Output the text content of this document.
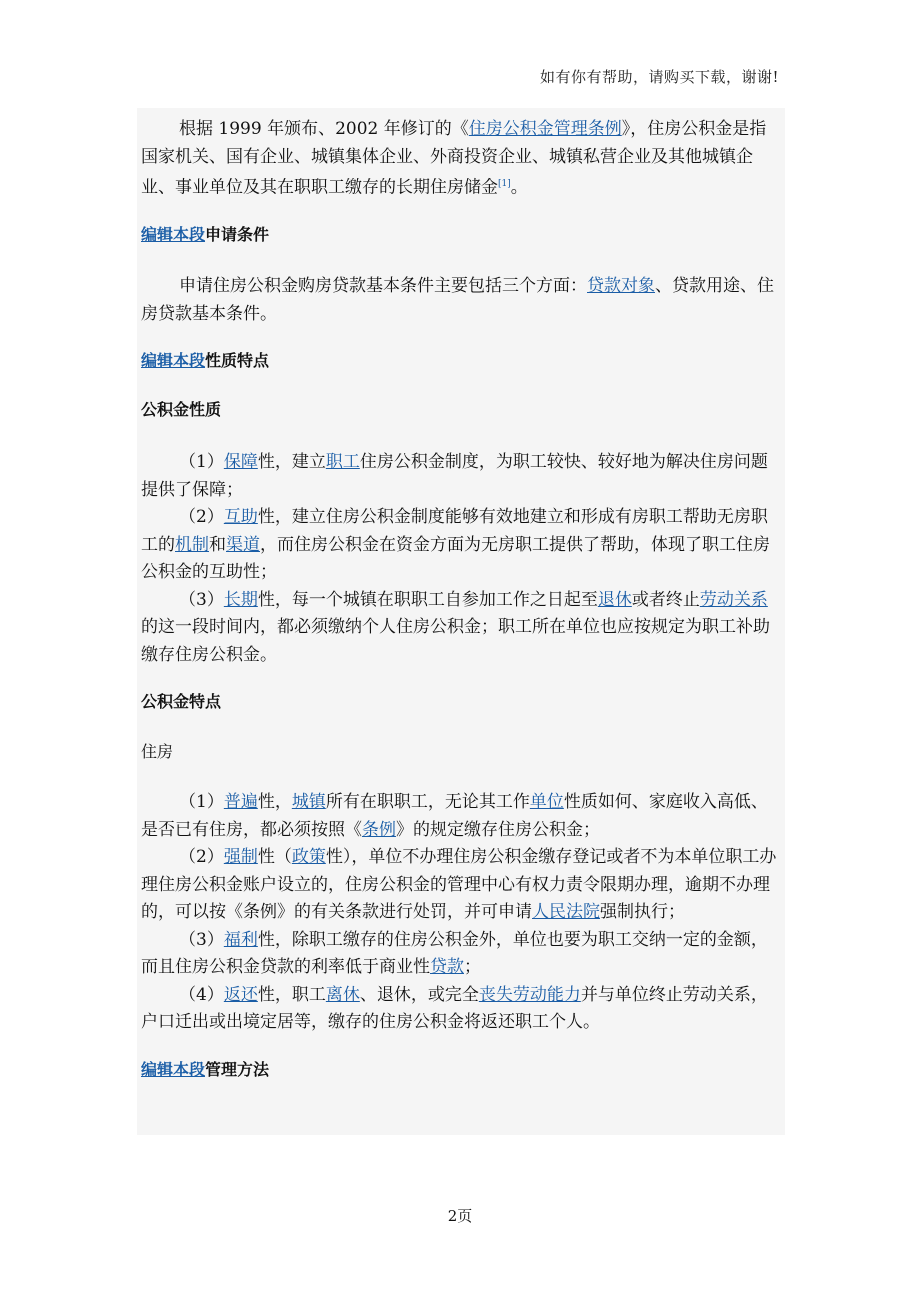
如有你有帮助，请购买下载，谢谢!

根据 1999 年颁布、2002 年修订的《住房公积金管理条例》，住房公积金是指国家机关、国有企业、城镇集体企业、外商投资企业、城镇私营企业及其他城镇企业、事业单位及其在职职工缴存的长期住房储金[1]。

编辑本段申请条件

申请住房公积金购房贷款基本条件主要包括三个方面：贷款对象、贷款用途、住房贷款基本条件。

编辑本段性质特点
公积金性质

（1）保障性，建立职工住房公积金制度，为职工较快、较好地为解决住房问题提供了保障；

（2）互助性，建立住房公积金制度能够有效地建立和形成有房职工帮助无房职工的机制和渠道，而住房公积金在资金方面为无房职工提供了帮助，体现了职工住房公积金的互助性；

（3）长期性，每一个城镇在职职工自参加工作之日起至退休或者终止劳动关系的这一段时间内，都必须缴纳个人住房公积金；职工所在单位也应按规定为职工补助缴存住房公积金。

公积金特点
住房

（1）普遍性，城镇所有在职职工，无论其工作单位性质如何、家庭收入高低、是否已有住房，都必须按照《条例》的规定缴存住房公积金；

（2）强制性（政策性），单位不办理住房公积金缴存登记或者不为本单位职工办 理住房公积金账户设立的，住房公积金的管理中心有权力责令限期办理，逾期不办理的，可以按《条例》的有关条款进行处罚，并可申请人民法院强制执行；

（3）福利性，除职工缴存的住房公积金外，单位也要为职工交纳一定的金额，而且住房公积金贷款的利率低于商业性贷款；

（4）返还性，职工离休、退休，或完全丧失劳动能力并与单位终止劳动关系，户口迁出或出境定居等，缴存的住房公积金将返还职工个人。

编辑本段管理方法
2页
